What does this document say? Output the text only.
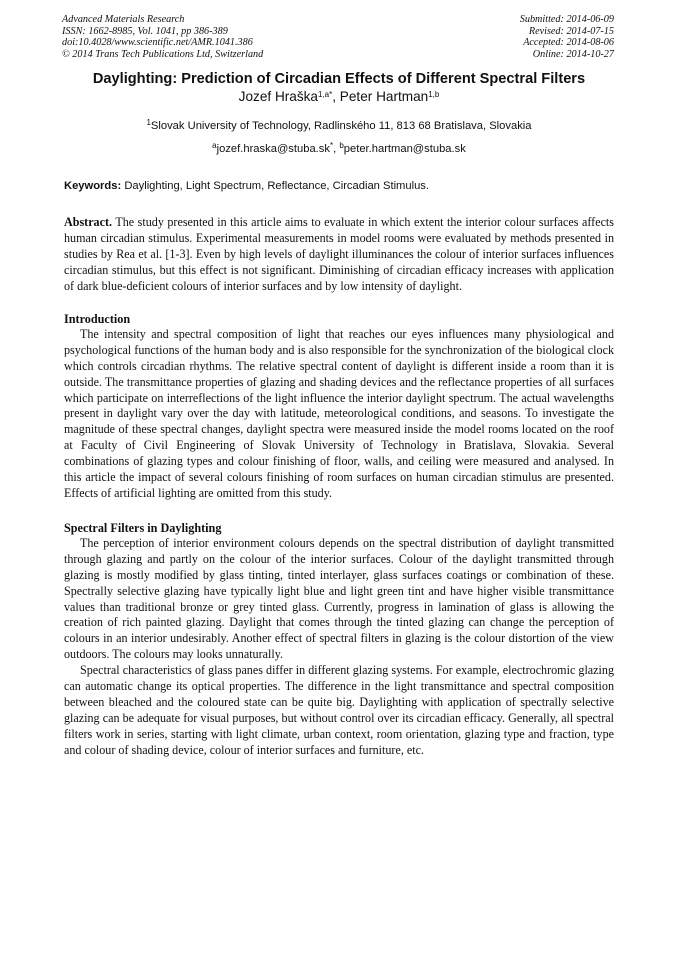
Advanced Materials Research
ISSN: 1662-8985, Vol. 1041, pp 386-389
doi:10.4028/www.scientific.net/AMR.1041.386
© 2014 Trans Tech Publications Ltd, Switzerland
Submitted: 2014-06-09
Revised: 2014-07-15
Accepted: 2014-08-06
Online: 2014-10-27
Daylighting: Prediction of Circadian Effects of Different Spectral Filters
Jozef Hraška$^{1,a*}$, Peter Hartman$^{1,b}$
$^1$Slovak University of Technology, Radlinského 11, 813 68 Bratislava, Slovakia
$^a$jozef.hraska@stuba.sk*, $^b$peter.hartman@stuba.sk
Keywords: Daylighting, Light Spectrum, Reflectance, Circadian Stimulus.
Abstract. The study presented in this article aims to evaluate in which extent the interior colour surfaces affects human circadian stimulus. Experimental measurements in model rooms were evaluated by methods presented in studies by Rea et al. [1-3]. Even by high levels of daylight illuminances the colour of interior surfaces influences circadian stimulus, but this effect is not significant. Diminishing of circadian efficacy increases with application of dark blue-deficient colours of interior surfaces and by low intensity of daylight.
Introduction

The intensity and spectral composition of light that reaches our eyes influences many physiological and psychological functions of the human body and is also responsible for the synchronization of the biological clock which controls circadian rhythms. The relative spectral content of daylight is different inside a room than it is outside. The transmittance properties of glazing and shading devices and the reflectance properties of all surfaces which participate on interreflections of the light influence the interior daylight spectrum. The actual wavelengths present in daylight vary over the day with latitude, meteorological conditions, and seasons. To investigate the magnitude of these spectral changes, daylight spectra were measured inside the model rooms located on the roof at Faculty of Civil Engineering of Slovak University of Technology in Bratislava, Slovakia. Several combinations of glazing types and colour finishing of floor, walls, and ceiling were measured and analysed. In this article the impact of several colours finishing of room surfaces on human circadian stimulus are presented. Effects of artificial lighting are omitted from this study.

Spectral Filters in Daylighting

The perception of interior environment colours depends on the spectral distribution of daylight transmitted through glazing and partly on the colour of the interior surfaces. Colour of the daylight transmitted through glazing is mostly modified by glass tinting, tinted interlayer, glass surfaces coatings or combination of these. Spectrally selective glazing have typically light blue and light green tint and have higher visible transmittance values than traditional bronze or grey tinted glass. Currently, progress in lamination of glass is allowing the creation of rich painted glazing. Daylight that comes through the tinted glazing can change the perception of colours in an interior undesirably. Another effect of spectral filters in glazing is the colour distortion of the view outdoors. The colours may looks unnaturally.

Spectral characteristics of glass panes differ in different glazing systems. For example, electrochromic glazing can automatic change its optical properties. The difference in the light transmittance and spectral composition between bleached and the coloured state can be quite big. Daylighting with application of spectrally selective glazing can be adequate for visual purposes, but without control over its circadian efficacy. Generally, all spectral filters work in series, starting with light climate, urban context, room orientation, glazing type and fraction, type and colour of shading device, colour of interior surfaces and furniture, etc.
